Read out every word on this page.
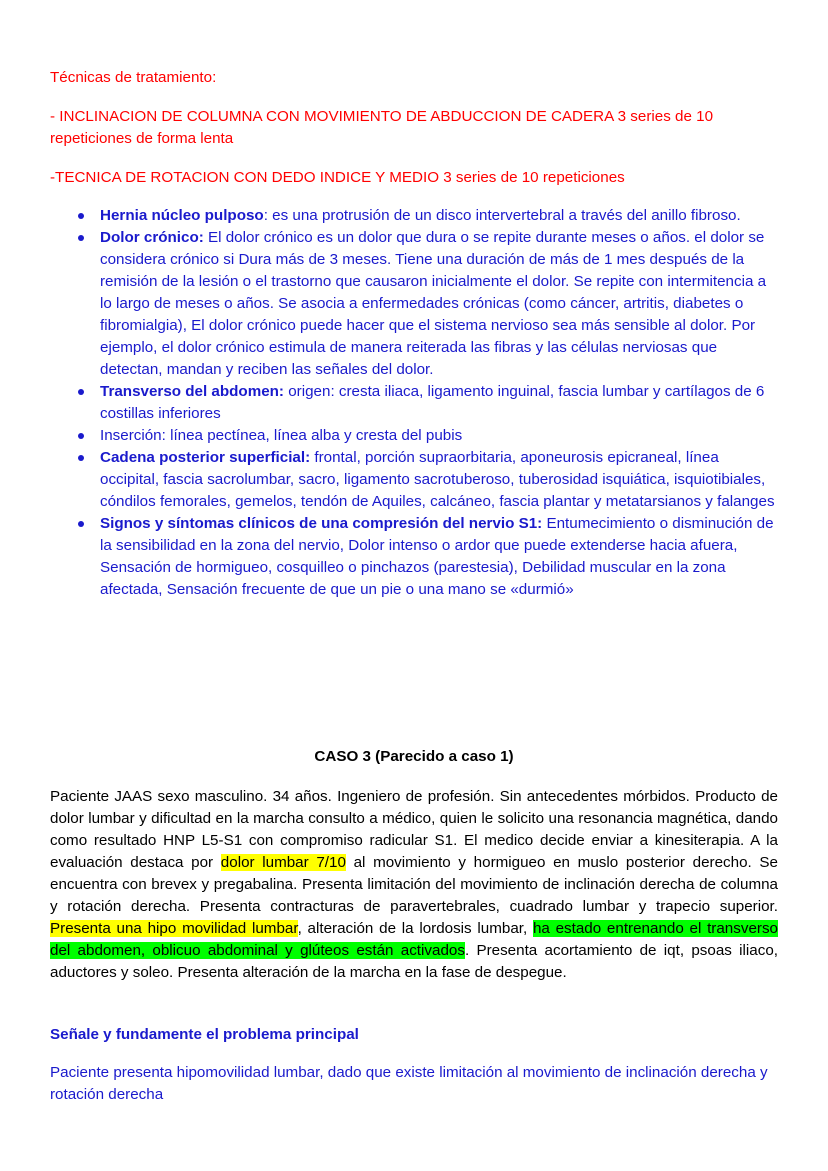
Técnicas de tratamiento:

- INCLINACION DE COLUMNA CON MOVIMIENTO DE ABDUCCION DE CADERA 3 series de 10 repeticiones de forma lenta

-TECNICA DE ROTACION CON DEDO INDICE Y MEDIO 3 series de 10 repeticiones

Hernia núcleo pulposo: es una protrusión de un disco intervertebral a través del anillo fibroso.
Dolor crónico: El dolor crónico es un dolor que dura o se repite durante meses o años. el dolor se considera crónico si Dura más de 3 meses. Tiene una duración de más de 1 mes después de la remisión de la lesión o el trastorno que causaron inicialmente el dolor. Se repite con intermitencia a lo largo de meses o años. Se asocia a enfermedades crónicas (como cáncer, artritis, diabetes o fibromialgia), El dolor crónico puede hacer que el sistema nervioso sea más sensible al dolor. Por ejemplo, el dolor crónico estimula de manera reiterada las fibras y las células nerviosas que detectan, mandan y reciben las señales del dolor.
Transverso del abdomen: origen: cresta iliaca, ligamento inguinal, fascia lumbar y cartílagos de 6 costillas inferiores
Inserción: línea pectínea, línea alba y cresta del pubis
Cadena posterior superficial: frontal, porción supraorbitaria, aponeurosis epicraneal, línea occipital, fascia sacrolumbar, sacro, ligamento sacrotuberoso, tuberosidad isquiática, isquiotibiales, cóndilos femorales, gemelos, tendón de Aquiles, calcáneo, fascia plantar y metatarsianos y falanges
Signos y síntomas clínicos de una compresión del nervio S1: Entumecimiento o disminución de la sensibilidad en la zona del nervio, Dolor intenso o ardor que puede extenderse hacia afuera, Sensación de hormigueo, cosquilleo o pinchazos (parestesia), Debilidad muscular en la zona afectada, Sensación frecuente de que un pie o una mano se «durmió»

CASO 3 (Parecido a caso 1)

Paciente JAAS sexo masculino. 34 años. Ingeniero de profesión. Sin antecedentes mórbidos. Producto de dolor lumbar y dificultad en la marcha consulto a médico, quien le solicito una resonancia magnética, dando como resultado HNP L5-S1 con compromiso radicular S1. El medico decide enviar a kinesiterapia. A la evaluación destaca por dolor lumbar 7/10 al movimiento y hormigueo en muslo posterior derecho. Se encuentra con brevex y pregabalina. Presenta limitación del movimiento de inclinación derecha de columna y rotación derecha. Presenta contracturas de paravertebrales, cuadrado lumbar y trapecio superior. Presenta una hipo movilidad lumbar, alteración de la lordosis lumbar, ha estado entrenando el transverso del abdomen, oblicuo abdominal y glúteos están activados. Presenta acortamiento de iqt, psoas iliaco, aductores y soleo. Presenta alteración de la marcha en la fase de despegue.

Señale y fundamente el problema principal

Paciente presenta hipomovilidad lumbar, dado que existe limitación al movimiento de inclinación derecha y rotación derecha
